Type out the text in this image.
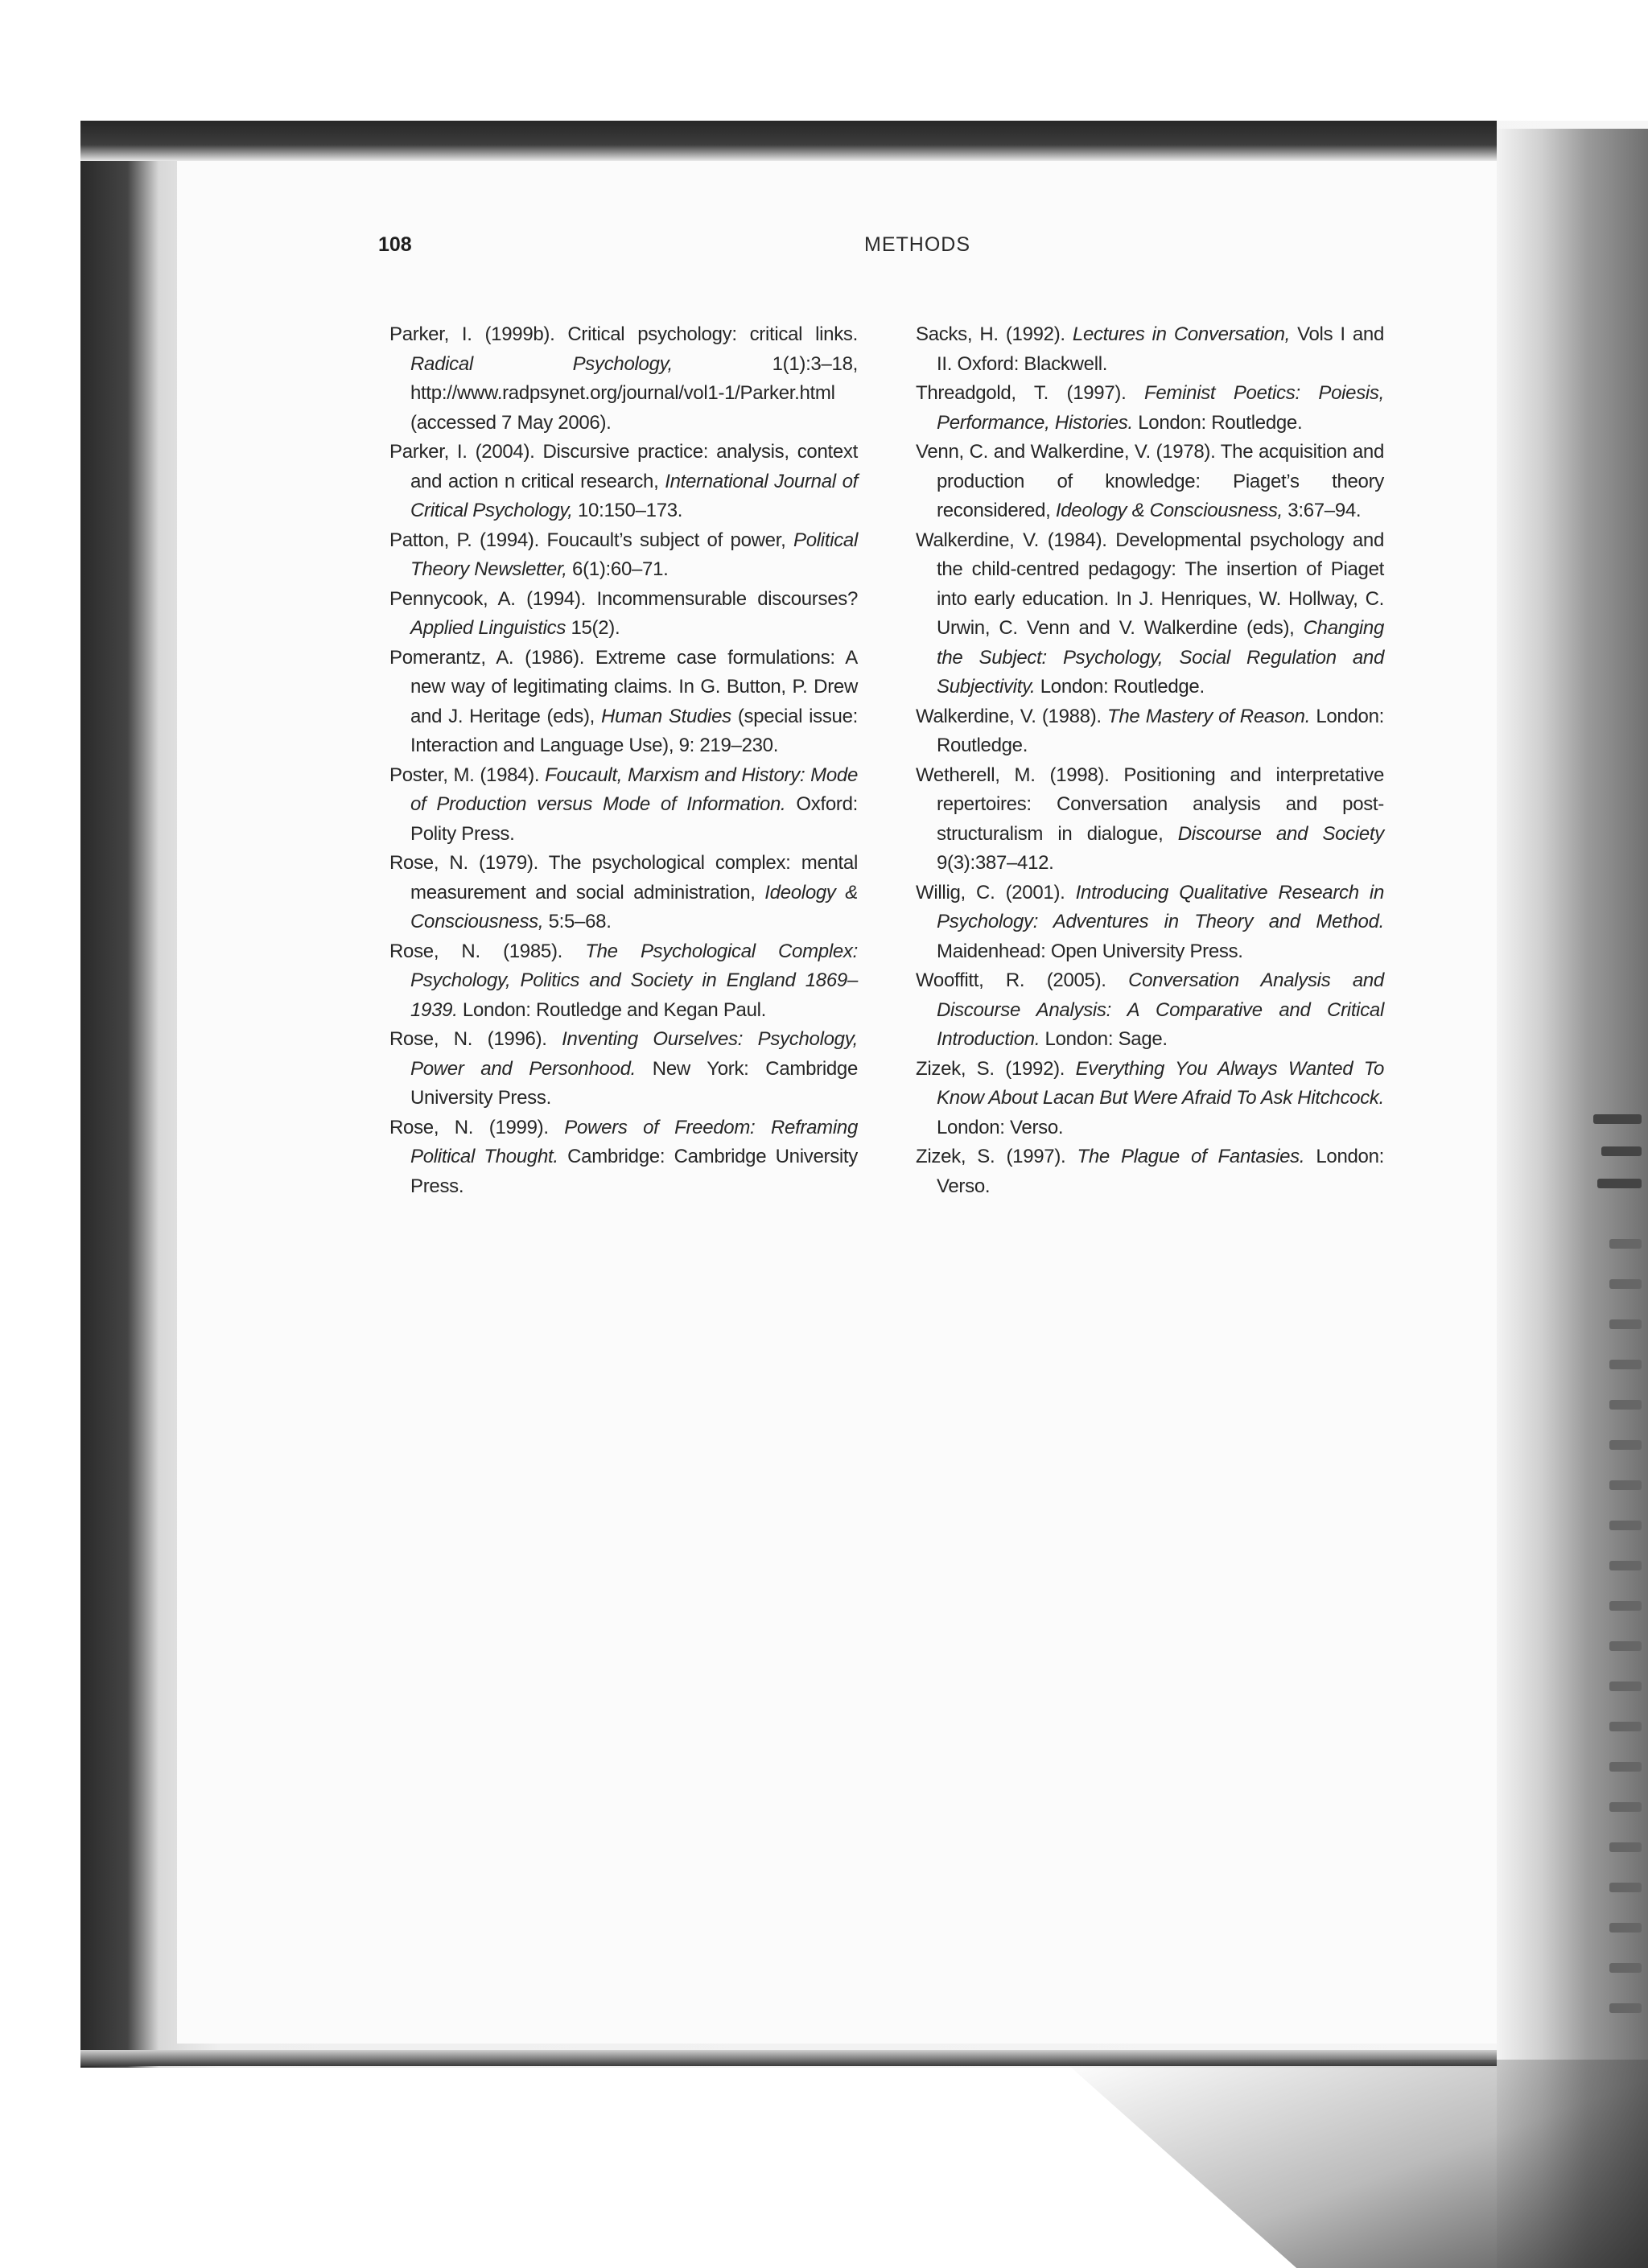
108	METHODS

Parker, I. (1999b). Critical psychology: critical links. Radical Psychology, 1(1):3–18, http://www.radpsynet.org/journal/vol1-1/Parker.html (accessed 7 May 2006).

Parker, I. (2004). Discursive practice: analysis, context and action n critical research, International Journal of Critical Psychology, 10:150–173.

Patton, P. (1994). Foucault’s subject of power, Political Theory Newsletter, 6(1):60–71.

Pennycook, A. (1994). Incommensurable discourses? Applied Linguistics 15(2).

Pomerantz, A. (1986). Extreme case formulations: A new way of legitimating claims. In G. Button, P. Drew and J. Heritage (eds), Human Studies (special issue: Interaction and Language Use), 9: 219–230.

Poster, M. (1984). Foucault, Marxism and History: Mode of Production versus Mode of Information. Oxford: Polity Press.

Rose, N. (1979). The psychological complex: mental measurement and social administration, Ideology & Consciousness, 5:5–68.

Rose, N. (1985). The Psychological Complex: Psychology, Politics and Society in England 1869–1939. London: Routledge and Kegan Paul.

Rose, N. (1996). Inventing Ourselves: Psychology, Power and Personhood. New York: Cambridge University Press.

Rose, N. (1999). Powers of Freedom: Reframing Political Thought. Cambridge: Cambridge University Press.

Sacks, H. (1992). Lectures in Conversation, Vols I and II. Oxford: Blackwell.

Threadgold, T. (1997). Feminist Poetics: Poiesis, Performance, Histories. London: Routledge.

Venn, C. and Walkerdine, V. (1978). The acquisition and production of knowledge: Piaget’s theory reconsidered, Ideology & Consciousness, 3:67–94.

Walkerdine, V. (1984). Developmental psychology and the child-centred pedagogy: The insertion of Piaget into early education. In J. Henriques, W. Hollway, C. Urwin, C. Venn and V. Walkerdine (eds), Changing the Subject: Psychology, Social Regulation and Subjectivity. London: Routledge.

Walkerdine, V. (1988). The Mastery of Reason. London: Routledge.

Wetherell, M. (1998). Positioning and interpretative repertoires: Conversation analysis and post-structuralism in dialogue, Discourse and Society 9(3):387–412.

Willig, C. (2001). Introducing Qualitative Research in Psychology: Adventures in Theory and Method. Maidenhead: Open University Press.

Wooffitt, R. (2005). Conversation Analysis and Discourse Analysis: A Comparative and Critical Introduction. London: Sage.

Zizek, S. (1992). Everything You Always Wanted To Know About Lacan But Were Afraid To Ask Hitchcock. London: Verso.

Zizek, S. (1997). The Plague of Fantasies. London: Verso.
